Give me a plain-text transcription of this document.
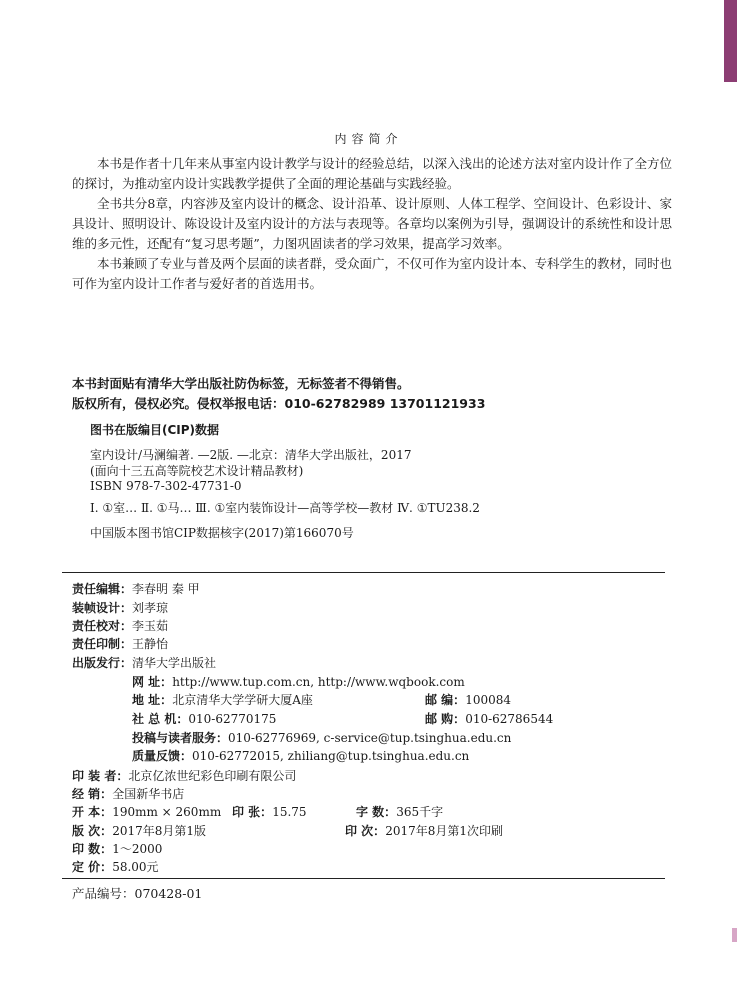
内容简介

本书是作者十几年来从事室内设计教学与设计的经验总结，以深入浅出的论述方法对室内设计作了全方位的探讨，为推动室内设计实践教学提供了全面的理论基础与实践经验。

全书共分8章，内容涉及室内设计的概念、设计沿革、设计原则、人体工程学、空间设计、色彩设计、家具设计、照明设计、陈设设计及室内设计的方法与表现等。各章均以案例为引导，强调设计的系统性和设计思维的多元性，还配有“复习思考题”，力图巩固读者的学习效果，提高学习效率。

本书兼顾了专业与普及两个层面的读者群，受众面广，不仅可作为室内设计本、专科学生的教材，同时也可作为室内设计工作者与爱好者的首选用书。

本书封面贴有清华大学出版社防伪标签，无标签者不得销售。
版权所有，侵权必究。侵权举报电话：010-62782989 13701121933
图书在版编目(CIP)数据
室内设计/马澜编著. —2版. —北京：清华大学出版社，2017
(面向十三五高等院校艺术设计精品教材)
ISBN 978-7-302-47731-0
Ⅰ. ①室… Ⅱ. ①马… Ⅲ. ①室内装饰设计—高等学校—教材 Ⅳ. ①TU238.2
中国版本图书馆CIP数据核字(2017)第166070号
责任编辑：李春明 秦 甲
装帧设计：刘孝琼
责任校对：李玉茹
责任印制：王静怡
出版发行：清华大学出版社
网 址：http://www.tup.com.cn, http://www.wqbook.com
地 址：北京清华大学学研大厦A座	邮 编：100084
社 总 机：010-62770175	邮 购：010-62786544
投稿与读者服务：010-62776969, c-service@tup.tsinghua.edu.cn
质量反馈：010-62772015, zhiliang@tup.tsinghua.edu.cn
印 装 者：北京亿浓世纪彩色印刷有限公司
经 销：全国新华书店
开 本：190mm × 260mm 印 张：15.75	字 数：365千字
版 次：2017年8月第1版	印 次：2017年8月第1次印刷
印 数：1～2000
定 价：58.00元
产品编号：070428-01
